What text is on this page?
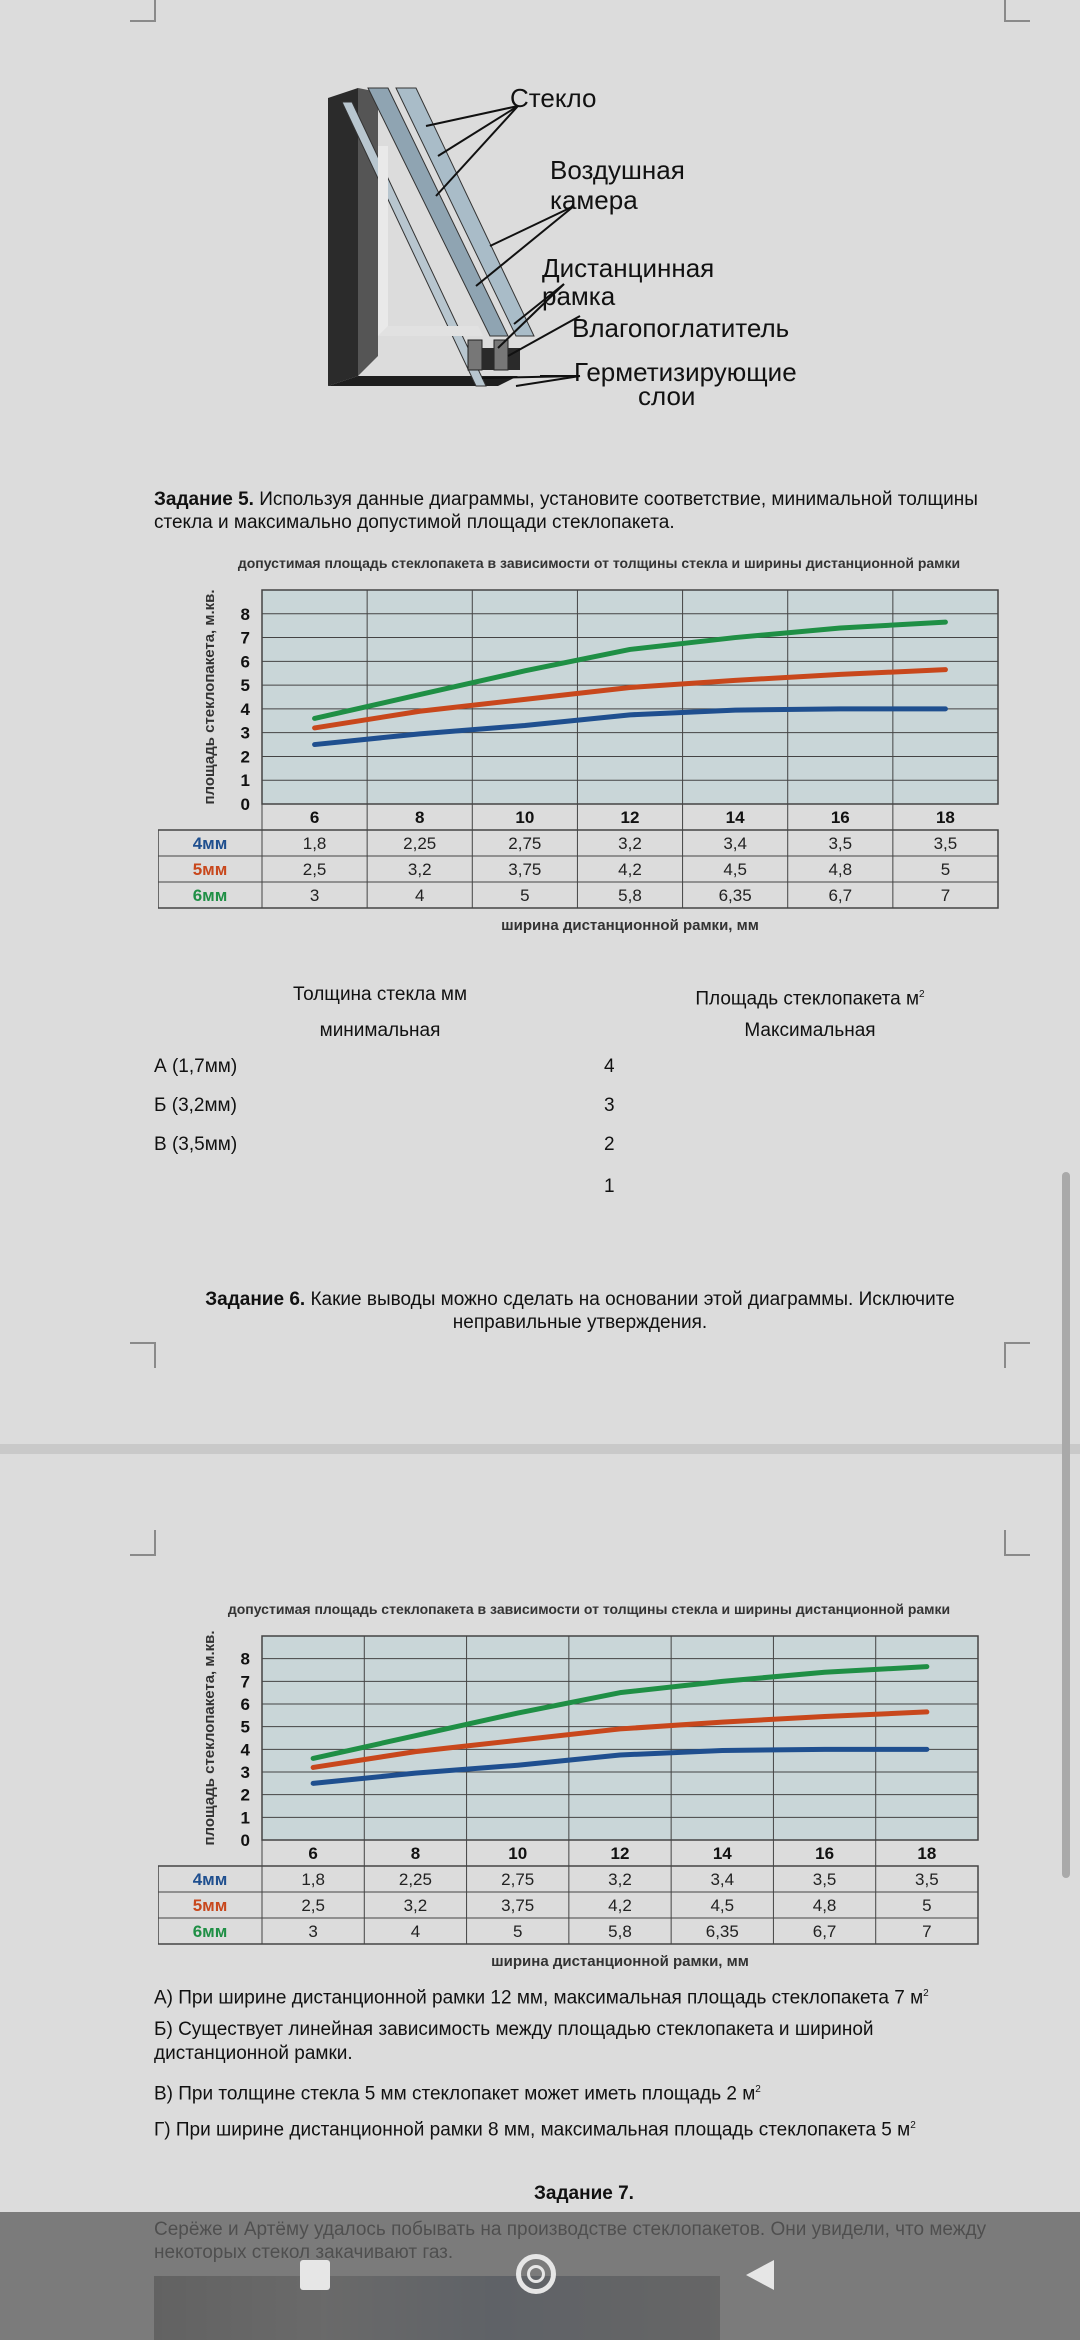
Стекло
Воздушная
камера
Дистанцинная
рамка
Влагопоглатитель
Герметизирующие
слои
Задание 5. Используя данные диаграммы, установите соответствие, минимальной толщины стекла и максимально допустимой площади стеклопакета.
допустимая площадь стеклопакета в зависимости от толщины стекла и ширины дистанционной рамки
0
1
2
3
4
5
6
7
8
площадь стеклопакета, м.кв.
6	8	10	12	14	16	18
4мм	1,8	2,25	2,75	3,2	3,4	3,5	3,5
5мм	2,5	3,2	3,75	4,2	4,5	4,8	5
6мм	3	4	5	5,8	6,35	6,7	7
ширина дистанционной рамки, мм
Толщина стекла мм
минимальная
Площадь стеклопакета $м^2$
Максимальная
А (1,7мм)
Б (3,2мм)
В (3,5мм)
4
3
2
1
Задание 6. Какие выводы можно сделать на основании этой диаграммы. Исключите неправильные утверждения.
допустимая площадь стеклопакета в зависимости от толщины стекла и ширины дистанционной рамки
0
1
2
3
4
5
6
7
8
площадь стеклопакета, м.кв.
6	8	10	12	14	16	18
4мм	1,8	2,25	2,75	3,2	3,4	3,5	3,5
5мм	2,5	3,2	3,75	4,2	4,5	4,8	5
6мм	3	4	5	5,8	6,35	6,7	7
ширина дистанционной рамки, мм
А) При ширине дистанционной рамки 12 мм, максимальная площадь стеклопакета 7 $м^2$
Б) Существует линейная зависимость между площадью стеклопакета и шириной дистанционной рамки.
В) При толщине стекла 5 мм стеклопакет может иметь площадь 2 $м^2$
Г) При ширине дистанционной рамки 8 мм, максимальная площадь стеклопакета 5 $м^2$
Задание 7.
